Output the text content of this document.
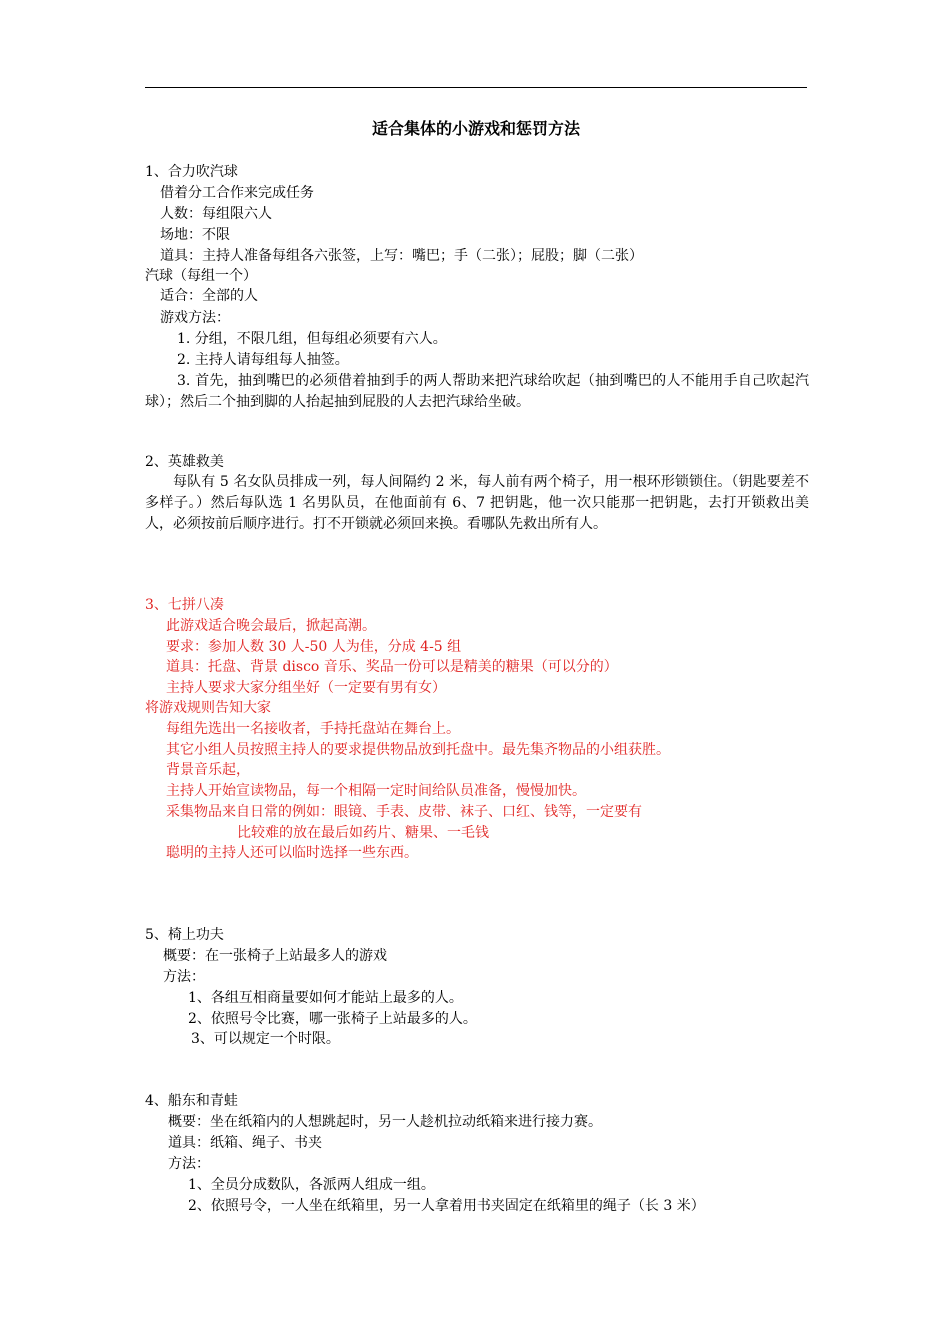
适合集体的小游戏和惩罚方法
1、合力吹汽球
借着分工合作来完成任务
人数：每组限六人
场地：不限
道具：主持人准备每组各六张签，上写：嘴巴；手（二张）；屁股；脚（二张）
汽球（每组一个）
适合：全部的人
游戏方法：
1. 分组，不限几组，但每组必须要有六人。
2. 主持人请每组每人抽签。
3. 首先，抽到嘴巴的必须借着抽到手的两人帮助来把汽球给吹起（抽到嘴巴的人不能用手自己吹起汽球）；然后二个抽到脚的人抬起抽到屁股的人去把汽球给坐破。
2、英雄救美
每队有 5 名女队员排成一列，每人间隔约 2 米，每人前有两个椅子，用一根环形锁锁住。（钥匙要差不多样子。）然后每队选 1 名男队员，在他面前有 6、7 把钥匙，他一次只能那一把钥匙，去打开锁救出美人，必须按前后顺序进行。打不开锁就必须回来换。看哪队先救出所有人。
3、七拼八凑
此游戏适合晚会最后，掀起高潮。
要求：参加人数 30 人-50 人为佳，分成 4-5 组
道具：托盘、背景 disco 音乐、奖品一份可以是精美的糖果（可以分的）
主持人要求大家分组坐好（一定要有男有女）
将游戏规则告知大家
每组先选出一名接收者，手持托盘站在舞台上。
其它小组人员按照主持人的要求提供物品放到托盘中。最先集齐物品的小组获胜。
背景音乐起，
主持人开始宣读物品，每一个相隔一定时间给队员准备，慢慢加快。
采集物品来自日常的例如：眼镜、手表、皮带、袜子、口红、钱等，一定要有
比较难的放在最后如药片、糖果、一毛钱
聪明的主持人还可以临时选择一些东西。
5、椅上功夫
概要：在一张椅子上站最多人的游戏
方法：
1、各组互相商量要如何才能站上最多的人。
2、依照号令比赛，哪一张椅子上站最多的人。
3、可以规定一个时限。
4、船东和青蛙
概要：坐在纸箱内的人想跳起时，另一人趁机拉动纸箱来进行接力赛。
道具：纸箱、绳子、书夹
方法：
1、全员分成数队，各派两人组成一组。
2、依照号令，一人坐在纸箱里，另一人拿着用书夹固定在纸箱里的绳子（长 3 米）
